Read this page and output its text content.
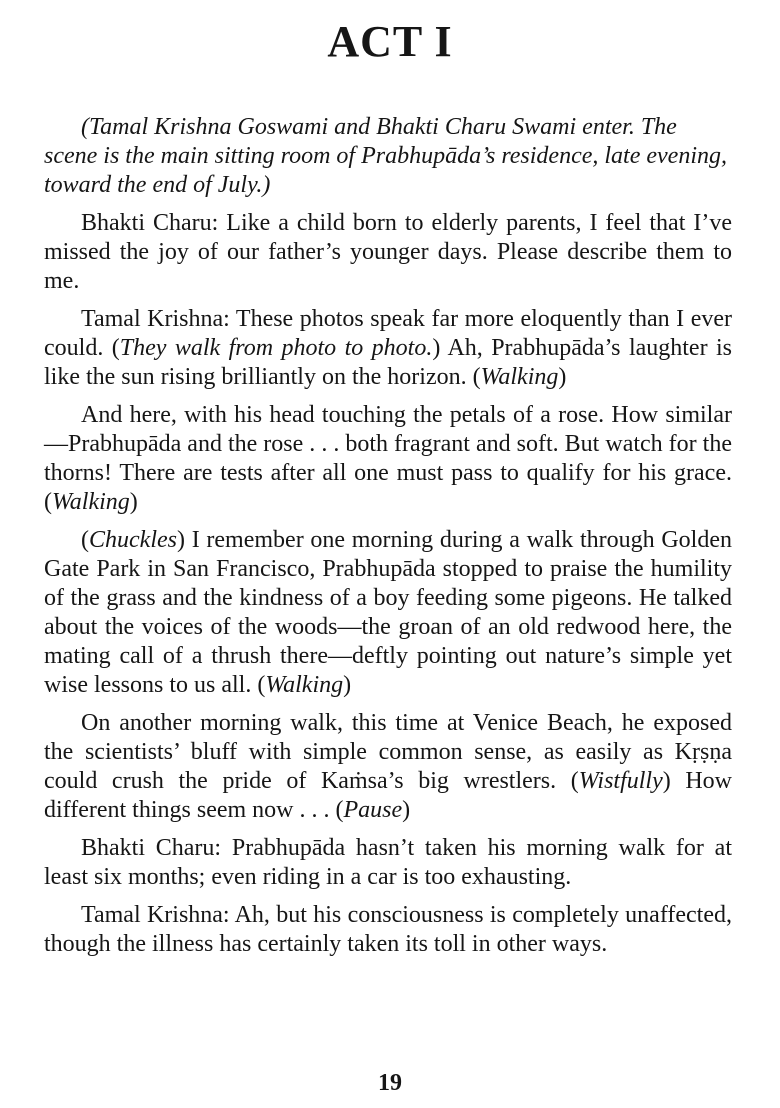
ACT I

(Tamal Krishna Goswami and Bhakti Charu Swami enter. The scene is the main sitting room of Prabhupāda’s residence, late evening, toward the end of July.)

Bhakti Charu: Like a child born to elderly parents, I feel that I’ve missed the joy of our father’s younger days. Please describe them to me.

Tamal Krishna: These photos speak far more eloquently than I ever could. (They walk from photo to photo.) Ah, Prabhupāda’s laughter is like the sun rising brilliantly on the horizon. (Walking)

And here, with his head touching the petals of a rose. How similar—Prabhupāda and the rose . . . both fragrant and soft. But watch for the thorns! There are tests after all one must pass to qualify for his grace. (Walking)

(Chuckles) I remember one morning during a walk through Golden Gate Park in San Francisco, Prabhupāda stopped to praise the humility of the grass and the kindness of a boy feeding some pigeons. He talked about the voices of the woods—the groan of an old redwood here, the mating call of a thrush there—deftly pointing out nature’s simple yet wise lessons to us all. (Walking)

On another morning walk, this time at Venice Beach, he exposed the scientists’ bluff with simple common sense, as easily as Kṛṣṇa could crush the pride of Kaṁsa’s big wrestlers. (Wistfully) How different things seem now . . . (Pause)

Bhakti Charu: Prabhupāda hasn’t taken his morning walk for at least six months; even riding in a car is too exhausting.

Tamal Krishna: Ah, but his consciousness is completely unaffected, though the illness has certainly taken its toll in other ways.

19
